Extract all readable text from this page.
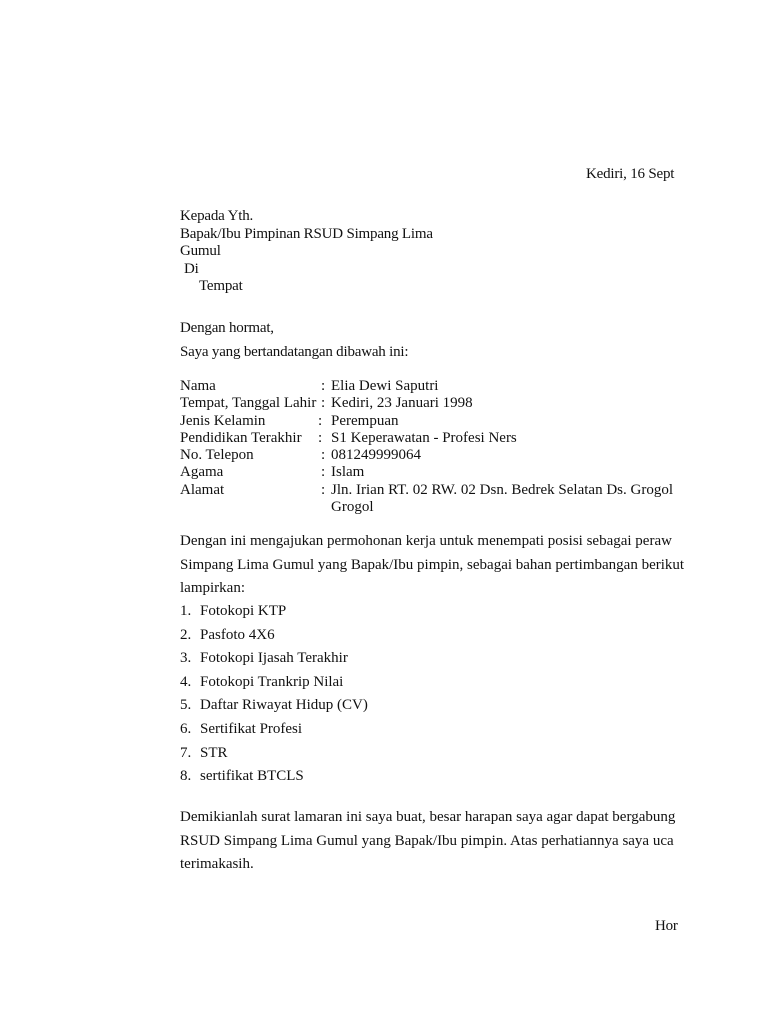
Kediri, 16 Sept
Kepada Yth.
Bapak/Ibu Pimpinan RSUD Simpang Lima
Gumul
Di
Tempat
Dengan hormat,
Saya yang bertandatangan dibawah ini:
Nama	: Elia Dewi Saputri
Tempat, Tanggal Lahir : Kediri, 23 Januari 1998
Jenis Kelamin	: Perempuan
Pendidikan Terakhir : S1 Keperawatan - Profesi Ners
No. Telepon	: 081249999064
Agama	: Islam
Alamat	: Jln. Irian RT. 02 RW. 02 Dsn. Bedrek Selatan Ds. Grogol
Grogol
Dengan ini mengajukan permohonan kerja untuk menempati posisi sebagai peraw
Simpang Lima Gumul yang Bapak/Ibu pimpin, sebagai bahan pertimbangan berikut
lampirkan:
1. Fotokopi KTP
2. Pasfoto 4X6
3. Fotokopi Ijasah Terakhir
4. Fotokopi Trankrip Nilai
5. Daftar Riwayat Hidup (CV)
6. Sertifikat Profesi
7. STR
8. sertifikat BTCLS
Demikianlah surat lamaran ini saya buat, besar harapan saya agar dapat bergabung
RSUD Simpang Lima Gumul yang Bapak/Ibu pimpin. Atas perhatiannya saya uca
terimakasih.
Hor
